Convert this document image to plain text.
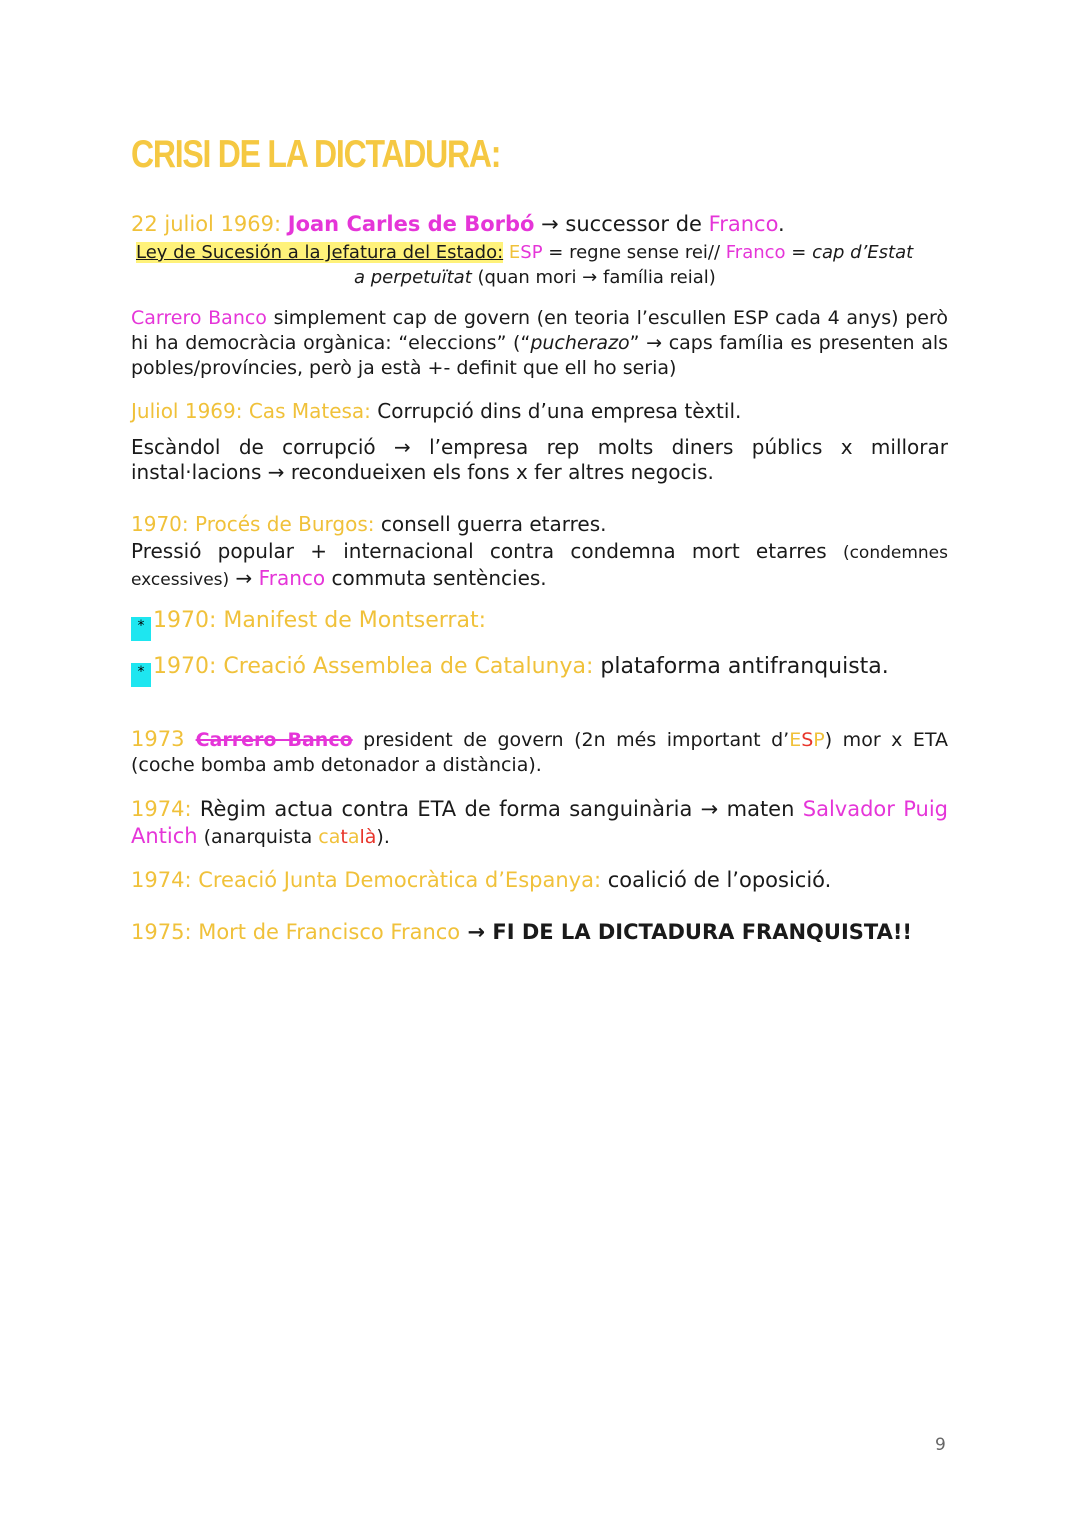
CRISI DE LA DICTADURA:
22 juliol 1969: Joan Carles de Borbó → successor de Franco.
Ley de Sucesión a la Jefatura del Estado: ESP = regne sense rei// Franco = cap d’Estat
a perpetuïtat (quan mori → família reial)
Carrero Banco simplement cap de govern (en teoria l’escullen ESP cada 4 anys) però hi ha democràcia orgànica: “eleccions” (“pucherazo” → caps família es presenten als pobles/províncies, però ja està +- definit que ell ho seria)
Juliol 1969: Cas Matesa: Corrupció dins d’una empresa tèxtil.
Escàndol de corrupció → l’empresa rep molts diners públics x millorar instal·lacions → recondueixen els fons x fer altres negocis.
1970: Procés de Burgos: consell guerra etarres.
Pressió popular + internacional contra condemna mort etarres (condemnes excessives) → Franco commuta sentències.
* 1970: Manifest de Montserrat:
* 1970: Creació Assemblea de Catalunya: plataforma antifranquista.
1973 Carrero Banco president de govern (2n més important d’ESP) mor x ETA (coche bomba amb detonador a distància).
1974: Règim actua contra ETA de forma sanguinària → maten Salvador Puig Antich (anarquista català).
1974: Creació Junta Democràtica d’Espanya: coalició de l’oposició.
1975: Mort de Francisco Franco → FI DE LA DICTADURA FRANQUISTA!!
9
